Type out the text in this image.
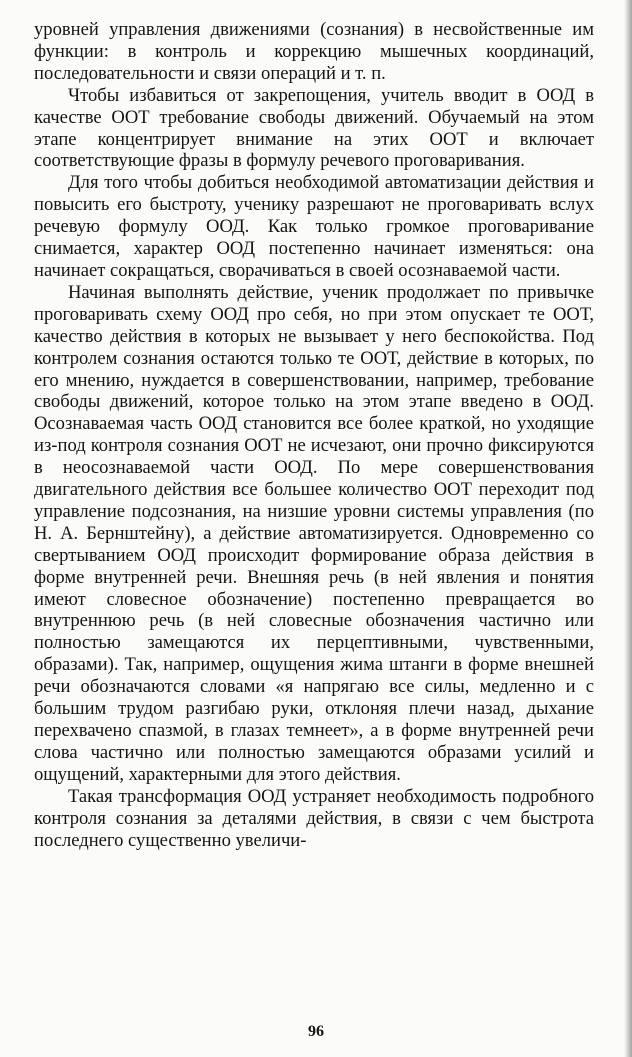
уровней управления движениями (сознания) в несвойственные им функции: в контроль и коррекцию мышечных координаций, последовательности и связи операций и т. п.

Чтобы избавиться от закрепощения, учитель вводит в ООД в качестве ООТ требование свободы движений. Обучаемый на этом этапе концентрирует внимание на этих ООТ и включает соответствующие фразы в формулу речевого проговаривания.

Для того чтобы добиться необходимой автоматизации действия и повысить его быстроту, ученику разрешают не проговаривать вслух речевую формулу ООД. Как только громкое проговаривание снимается, характер ООД постепенно начинает изменяться: она начинает сокращаться, сворачиваться в своей осознаваемой части.

Начиная выполнять действие, ученик продолжает по привычке проговаривать схему ООД про себя, но при этом опускает те ООТ, качество действия в которых не вызывает у него беспокойства. Под контролем сознания остаются только те ООТ, действие в которых, по его мнению, нуждается в совершенствовании, например, требование свободы движений, которое только на этом этапе введено в ООД. Осознаваемая часть ООД становится все более краткой, но уходящие из-под контроля сознания ООТ не исчезают, они прочно фиксируются в неосознаваемой части ООД. По мере совершенствования двигательного действия все большее количество ООТ переходит под управление подсознания, на низшие уровни системы управления (по Н. А. Бернштейну), а действие автоматизируется. Одновременно со свертыванием ООД происходит формирование образа действия в форме внутренней речи. Внешняя речь (в ней явления и понятия имеют словесное обозначение) постепенно превращается во внутреннюю речь (в ней словесные обозначения частично или полностью замещаются их перцептивными, чувственными, образами). Так, например, ощущения жима штанги в форме внешней речи обозначаются словами «я напрягаю все силы, медленно и с большим трудом разгибаю руки, отклоняя плечи назад, дыхание перехвачено спазмой, в глазах темнеет», а в форме внутренней речи слова частично или полностью замещаются образами усилий и ощущений, характерными для этого действия.

Такая трансформация ООД устраняет необходимость подробного контроля сознания за деталями действия, в связи с чем быстрота последнего существенно увеличи-

96
